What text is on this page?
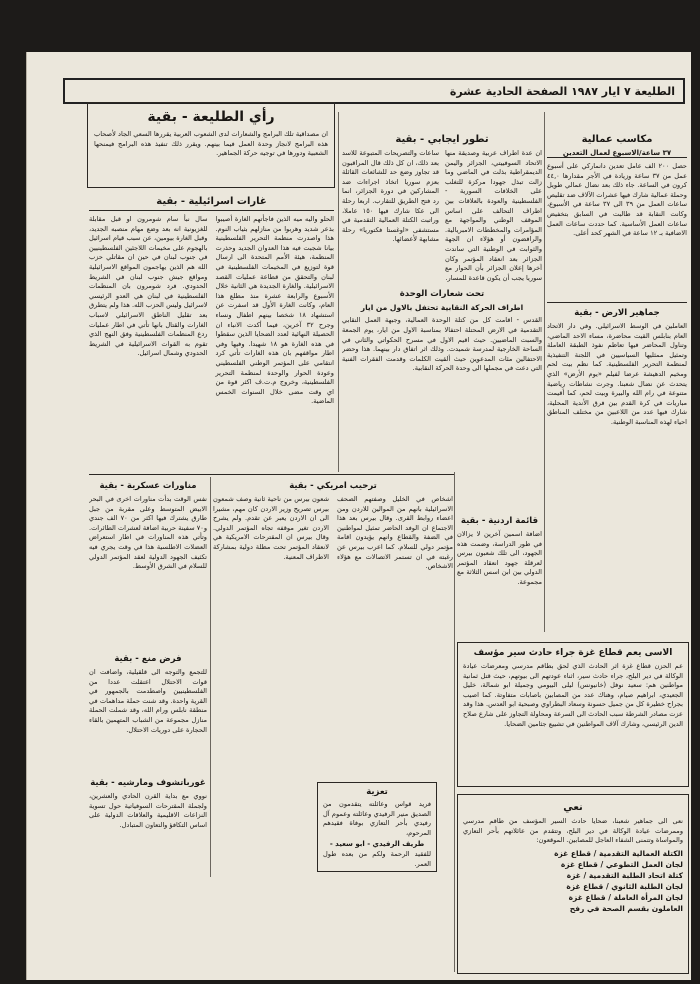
الطليعة ٧ ايار ١٩٨٧ الصفحة الحادية عشرة
رأي الطليعة - بقية

ان مصداقية تلك البرامج والشعارات لدى الشعوب العربية يقررها السعي الجاد لأصحاب هذه البرامج لانجاز وحدة العمل فيما بينهم. ويقرر ذلك تنفيذ هذه البرامج فيمنحها الشعبية ودورها في توجيه حركة الجماهير.

غارات اسرائيلية - بقية

الحلو واليه ميه الذين فاجأتهم الغارة أصيبوا بذعر شديد وهربوا من منازلهم بثياب النوم. هذا واصدرت منظمة التحرير الفلسطينية بيانا شجبت فيه هذا العدوان الجديد وحذرت المنظمة، هيئة الأمم المتحدة الى ارسال قوة لتوزيع في المخيمات الفلسطينية في لبنان والتحقق من قطاعة عمليات القصد الاسرائيلية. والغارة الجديدة هي الثانية خلال الأسبوع والرابعة عشرة منذ مطلع هذا العام، وكانت الغارة الأول قد اسفرت عن استشهاد ١٨ شخصا بينهم اطفال ونساء وجرح ٣٢ آخرين، فيما أكدت الانباء ان الحصيلة النهائية لعدد الضحايا الذين سقطوا في هذه الغارة هو ١٨ شهيدا. وفيها وفي اطار مواقفهم بان هذه الغارات تأتي كرد انتقامي على المؤتمر الوطني الفلسطيني وعودة الحوار والوحدة لمنظمة التحرير الفلسطينية، وخروج م.ت.ف اكثر قوة من اي وقت مضى خلال السنوات الخمس الماضية.

سال نبأ سام شومرون او قبل مقابلة للغزيونية انه بعد وضع مهام منصبه الجديد، وقبل الغارة بيومين، عن سبب قيام اسرائيل بالهجوم على مخيمات اللاجئين الفلسطينيين في جنوب لبنان في حين ان مقاتلي حزب الله هم الذين يهاجمون المواقع الاسرائيلية ومواقع جيش جنوب لبنان في الشريط الحدودي. فرد شومرون بان المنظمات الفلسطينية في لبنان هي العدو الرئيسي لاسرائيل وليس الحزب الله. هذا ولم يتطرق بعد تقليل الناطق الاسرائيلي لاسباب الغارات والقتال بانها تأتي في اطار عمليات ردع المنظمات الفلسطينية وفق النهج الذي تقوم به القوات الاسرائيلية في الشريط الحدودي وشمال اسرائيل.

مناورات عسكرية - بقية

نفس الوقت بدأت مناورات اخرى في البحر الابيض المتوسط وعلى مقربة من جبل طارق يشترك فيها اكثر من ٧٠ الف جندي و٧٠ سفينة حربية اضافة لعشرات الطائرات. وتأتي هذه المناورات في اطار استعراض العضلات الاطلسية هذا في وقت يجري فيه تكثيف الجهود الدولية لعقد المؤتمر الدولي للسلام في الشرق الأوسط.

فرض منع - بقية

للتجمع والتوجه الى قلقيلية، واضافت ان قوات الاحتلال اعتقلت عددا من الفلسطينيين واصطدمت بالجمهور في القرية واحدة. وقد شنت حملة مداهمات في منطقة نابلس ورام الله، وقد شملت الحملة منازل مجموعة من الشباب المتهمين بالقاء الحجارة على دوريات الاحتلال.

غورباتشوف ومارشيه - بقية

نووي مع بداية القرن الحادي والعشرين، ولجملة المقترحات السوفياتية حول تسوية النزاعات الاقليمية والعلاقات الدولية على اساس التكافؤ والتعاون المتبادل.

ترحيب امريكي - بقية

اشخاص في الخليل وصفتهم الصحف الاسرائيلية بانهم من الموالين للاردن ومن اعضاء روابط القرى. وقال بيرس بعد هذا الاجتماع ان الوفد الحاضر تمثيل لمواطنين في الضفة والقطاع وانهم يؤيدون اقامة مؤتمر دولي للسلام. كما اعرب بيرس عن رغبته في ان تستمر الاتصالات مع هؤلاء الاشخاص.

شعون بيرس من ناحية ثانية وصف شمعون بيرس تصريح وزير الاردن كان مهم، مشيرا الى ان الاردن يعبر عن تقدم. ولم يشرح الاردن تغير موقفه تجاه المؤتمر الدولي. وقال بيرس ان المقترحات الامريكية هي لانعقاد المؤتمر تحت مظلة دولية بمشاركة الاطراف المعنية.

تعزية

فريد قواس وعائلته يتقدمون من الصديق منير الرفيدي وعائلته وعموم آل رفيدي بأحر التعازي بوفاة فقيدهم المرحوم،

طريف الرفيدي - ابو سعيد -

للفقيد الرحمة ولكم من بعده طول العمر.

تطور ايجابي - بقية

ان عدة اطراف عربية وصديقة منها الاتحاد السوفييتي، الجزائر واليمن الديمقراطية بذلت في الماضي وما زالت تبذل جهودا مركزة للتغلب على الخلافات السورية - الفلسطينية والعودة بالعلاقات بين اطراف التحالف على اساس الموقف الوطني والمواجهة مع المؤامرات والمخططات الامبريالية. والرافضون أو هؤلاء ان الجهة والثوابت في الوطنية التي ساندت الجزائر بعد انعقاد المؤتمر وكان آخرها إعلان الجزائر بأن الحوار مع سوريا يجب أن يكون قاعدة للمسار.

ساعات والتصريحات المتبوعة للاسد بعد ذلك، ان كل ذلك قال المراقبون قد تجاوز وضع حد للشائعات القائلة بعزم سوريا اتخاذ اجراءات ضد المشاركين في دورة الجزائر، انما رد فتح الطريق للتقارب. اربعا رحلة الى عكا شارك فيها ١٥٠ عاملا، وراتبت الكتلة العمالية التقدمية في مستشفى «اوغستا فكتوريا» رحلة مشابهة لأعضائها.

تحت شعارات الوحدة
اطراف الحركة النقابية تحتفل بالاول من ايار

القدس - اقامت كل من كتلة الوحدة العمالية، وجبهة العمل النقابي التقدمية في الارض المحتلة احتفالا بمناسبة الاول من ايار، يوم الجمعة والسبت الماضيين. حيث اقيم الاول في مسرح الحكواتي والثاني في الساحة الخارجية لمدرسة شميدت. وذلك اثر اتفاق دار بينهما. هذا وحضر الاحتفالين مئات المدعوين حيث ألقيت الكلمات وقدمت الفقرات الفنية التي دعت في مجملها الى وحدة الحركة النقابية.

قائمة اردنية - بقية

اضافة اسمين آخرين لا يزالان في طور الدراسة، وضمت هذه الجهود، الى تلك شعبون بيرس لعرقلة جهود انعقاد المؤتمر الدولي بين ابن اسس الثلاثة مع مجموعة.

مكاسب عمالية
٣٧ ساعة/الاسبوع لعمال التعدين

حصل ٢٠٠ الف عامل تعدين دانماركي على أسبوع عمل من ٣٧ ساعة وزيادة في الأجر مقدارها ٤٤,٠ كرون في الساعة. جاء ذلك بعد نضال عمالي طويل وحملة عمالية شارك فيها عشرات الآلاف ضد تقليص ساعات العمل من ٣٩ الى ٣٧ ساعة في الأسبوع، وكانت النقابة قد طالبت في السابق بتخفيض ساعات العمل الأساسية. كما حددت ساعات العمل الاضافية بـ ١٢ ساعة في الشهر كحد أعلى.

جماهير الارض - بقية

العاملين في الوسط الاسرائيلي. وفي دار الاتحاد العام بنابلس القيت محاضرة، مساء الاحد الماضي، وتناول المحاضر فيها تعاظم نفوذ الطبقة العاملة وتمثيل ممثليها السياسيين في اللجنة التنفيذية لمنظمة التحرير الفلسطينية. كما نظم بيت لحم ومخيم الدهيشة عرضا لفيلم «يوم الأرض» الذي يتحدث عن نضال شعبنا. وجرت نشاطات رياضية متنوعة في رام الله والبيرة وبيت لحم، كما أقيمت مباريات في كرة القدم بين فرق الأندية المحلية، شارك فيها عدد من اللاعبين من مختلف المناطق احياء لهذه المناسبة الوطنية.

الاسى يعم قطاع غزة جراء حادث سير مؤسف

عم الحزن قطاع غزة اثر الحادث الذي لحق بطاقم مدرسي ومعرضات عيادة الوكالة في دير البلح، جراء حادث سير، اثناء عودتهم الى بيوتهم، حيث قتل ثمانية مواطنين هم: سعيد نوفل (خانيونس) ليلى البيومي وجميلة ابو شمالة، خليل الجعيدي، ابراهيم صيام، وهناك عدد من المصابين باصابات متفاوتة. كما اصيب بجراح خطيرة كل من جميل حسونة وسعاد البطراوي وصبحية ابو العدس. هذا وقد عزت مصادر الشرطة سبب الحادث الى السرعة ومحاولة التجاوز على شارع صلاح الدين الرئيسي، وشارك آلاف المواطنين في تشييع جثامين الضحايا.

نعي

نعى الى جماهير شعبنا، ضحايا حادث السير المؤسف من طاقم مدرسي وممرضات عيادة الوكالة في دير البلح، وتتقدم من عائلاتهم بأحر التعازي والمواساة وتتمنى الشفاء العاجل للمصابين. الموقعون:

الكتلة العمالية التقدمية / قطاع غزة
لجان العمل التطوعي / قطاع غزة
كتلة اتحاد الطلبة التقدمية / غزة
لجان الطلبة الثانوي / قطاع غزة
لجان المرأة العاملة / قطاع غزة
العاملون بقسم الصحة في رفح
